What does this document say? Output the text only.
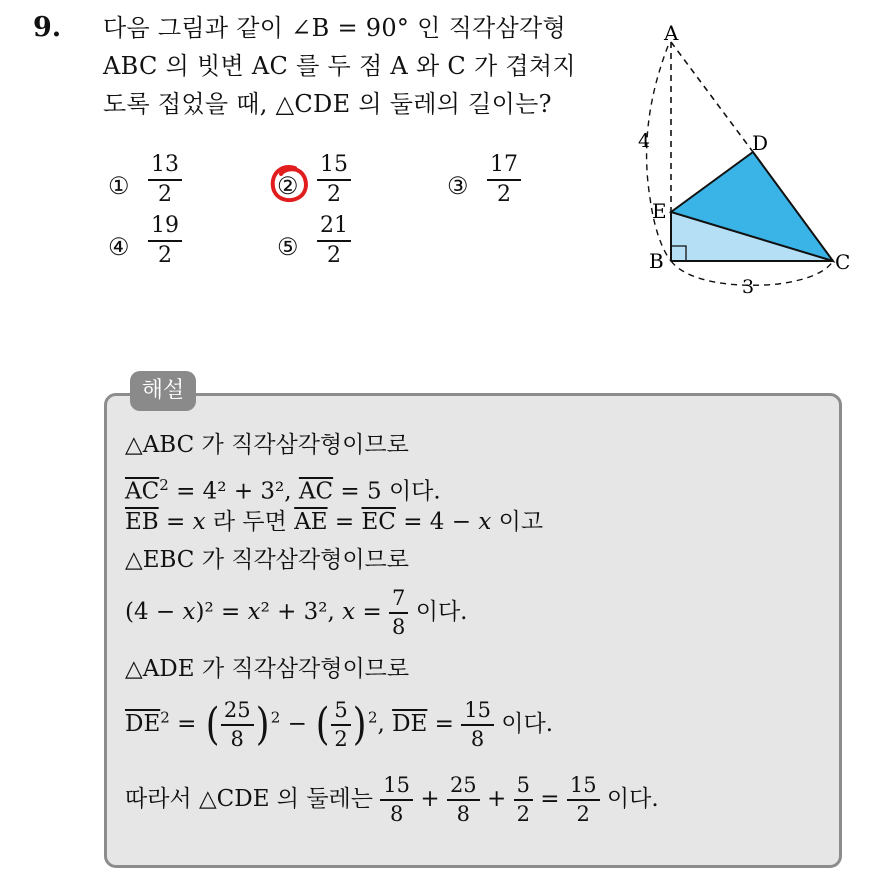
9. 다음 그림과 같이 ∠B = 90° 인 직각삼각형
ABC 의 빗변 AC 를 두 점 A 와 C 가 겹쳐지
도록 접었을 때, △CDE 의 둘레의 길이는?
① $\frac{13}{2}$	② $\frac{15}{2}$	③ $\frac{17}{2}$
④ $\frac{19}{2}$	⑤ $\frac{21}{2}$
A
D
E
B	C
4
3
해설
△ABC 가 직각삼각형이므로
$\overline{AC}^2 = 4^2 + 3^2$, $\overline{AC} = 5$ 이다.
$\overline{EB} = x$ 라 두면 $\overline{AE} = \overline{EC} = 4 - x$ 이고
△EBC 가 직각삼각형이므로
(4 − x)² = x² + 3², $x = \frac{7}{8}$ 이다.
△ADE 가 직각삼각형이므로
$\overline{DE}^2$ = ( $\frac{25}{8}$ ) $^2$ − ( $\frac{5}{2}$ ) $^2$, $\overline{DE} = \frac{15}{8}$ 이다.
따라서 △CDE 의 둘레는 $\frac{15}{8} + \frac{25}{8} + \frac{5}{2} = \frac{15}{2}$ 이다.
